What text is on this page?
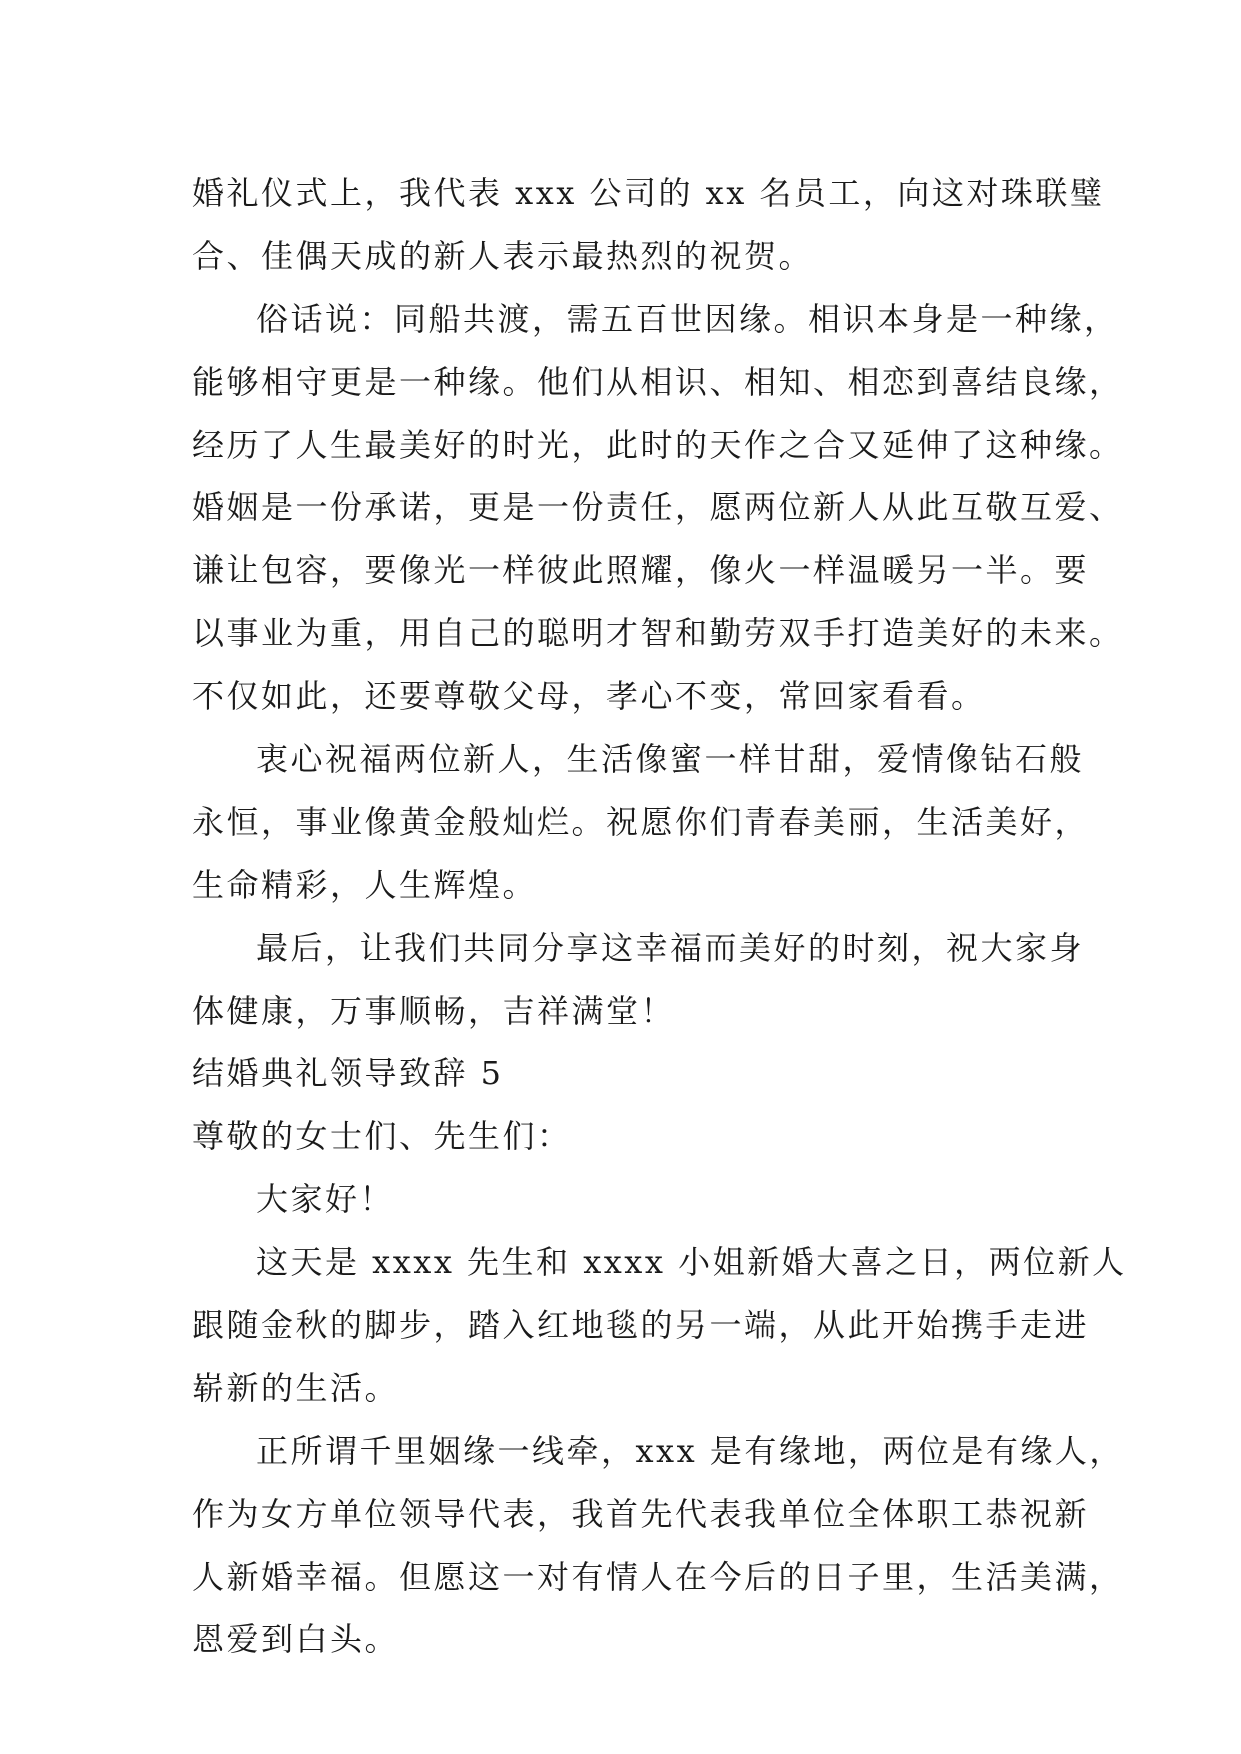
婚礼仪式上，我代表 xxx 公司的 xx 名员工，向这对珠联璧
合、佳偶天成的新人表示最热烈的祝贺。
俗话说：同船共渡，需五百世因缘。相识本身是一种缘，
能够相守更是一种缘。他们从相识、相知、相恋到喜结良缘，
经历了人生最美好的时光，此时的天作之合又延伸了这种缘。
婚姻是一份承诺，更是一份责任，愿两位新人从此互敬互爱、
谦让包容，要像光一样彼此照耀，像火一样温暖另一半。要
以事业为重，用自己的聪明才智和勤劳双手打造美好的未来。
不仅如此，还要尊敬父母，孝心不变，常回家看看。
衷心祝福两位新人，生活像蜜一样甘甜，爱情像钻石般
永恒，事业像黄金般灿烂。祝愿你们青春美丽，生活美好，
生命精彩，人生辉煌。
最后，让我们共同分享这幸福而美好的时刻，祝大家身
体健康，万事顺畅，吉祥满堂！
结婚典礼领导致辞 5
尊敬的女士们、先生们：
大家好！
这天是 xxxx 先生和 xxxx 小姐新婚大喜之日，两位新人
跟随金秋的脚步，踏入红地毯的另一端，从此开始携手走进
崭新的生活。
正所谓千里姻缘一线牵，xxx 是有缘地，两位是有缘人，
作为女方单位领导代表，我首先代表我单位全体职工恭祝新
人新婚幸福。但愿这一对有情人在今后的日子里，生活美满，
恩爱到白头。
